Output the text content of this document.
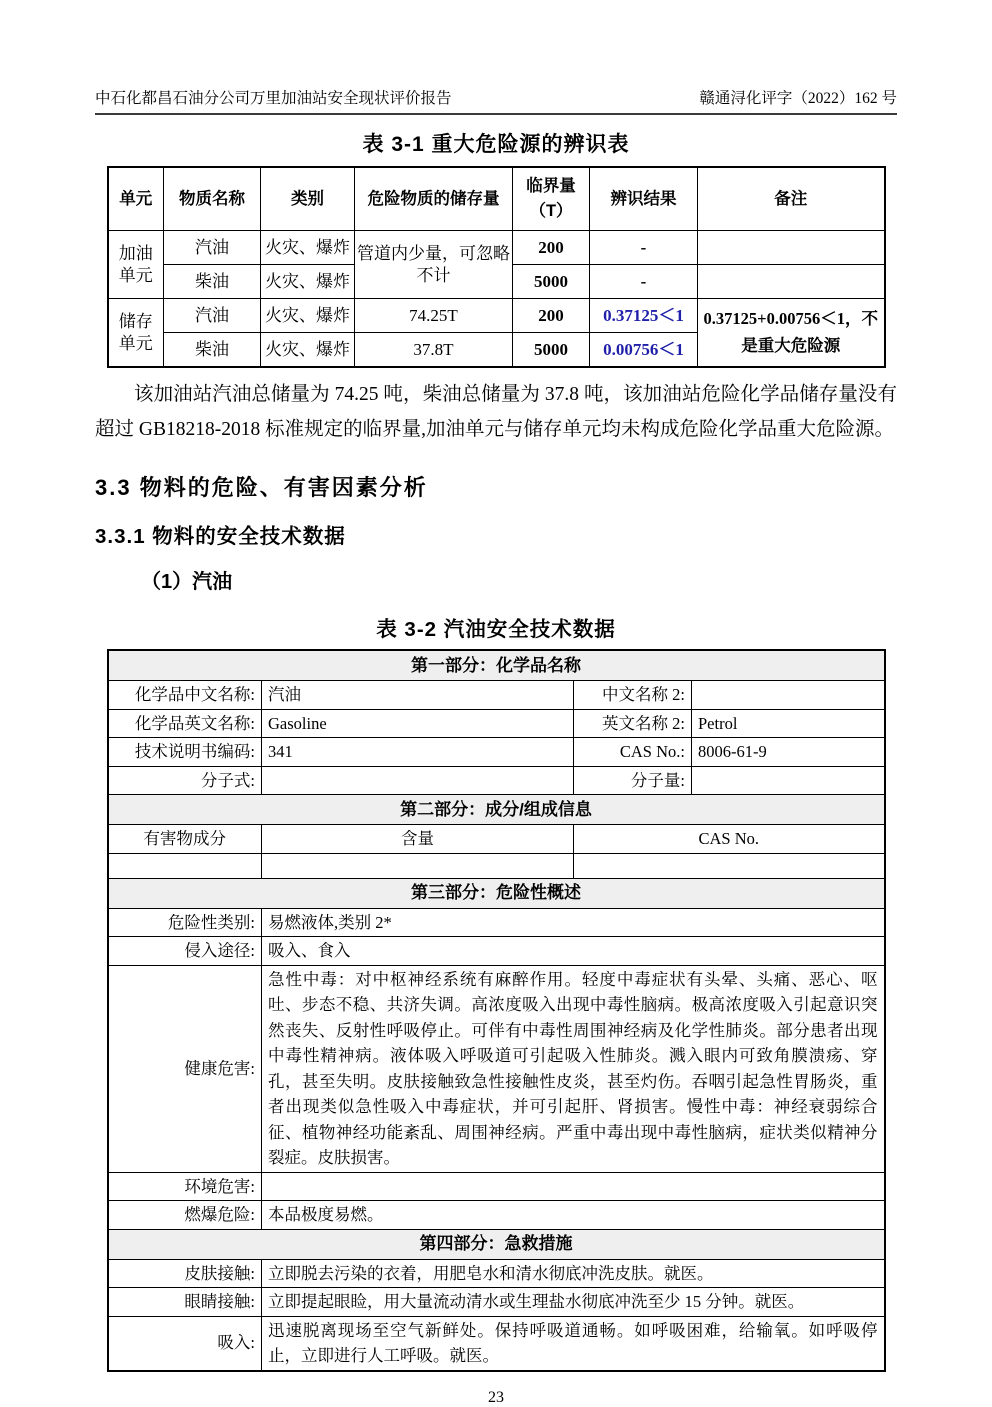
中石化都昌石油分公司万里加油站安全现状评价报告	赣通浔化评字（2022）162 号
表 3-1 重大危险源的辨识表
单元	物质名称	类别	危险物质的储存量	临界量（T）	辨识结果	备注
加油单元	汽油	火灾、爆炸	管道内少量，可忽略不计	200	-	
	柴油	火灾、爆炸		5000	-	
储存单元	汽油	火灾、爆炸	74.25T	200	0.37125＜1	0.37125+0.00756＜1，不是重大危险源
	柴油	火灾、爆炸	37.8T	5000	0.00756＜1	

该加油站汽油总储量为 74.25 吨，柴油总储量为 37.8 吨，该加油站危险化学品储存量没有超过 GB18218-2018 标准规定的临界量,加油单元与储存单元均未构成危险化学品重大危险源。

3.3 物料的危险、有害因素分析
3.3.1 物料的安全技术数据
（1）汽油
表 3-2 汽油安全技术数据
第一部分：化学品名称			
化学品中文名称:	汽油	中文名称 2:	
化学品英文名称:	Gasoline	英文名称 2:	Petrol
技术说明书编码:	341	CAS No.:	8006-61-9
分子式:		分子量:	
第二部分：成分/组成信息			
有害物成分	含量	CAS No.	

第三部分：危险性概述			
危险性类别:	易燃液体,类别 2*		
侵入途径:	吸入、食入		
健康危害:	急性中毒：对中枢神经系统有麻醉作用。轻度中毒症状有头晕、头痛、恶心、呕吐、步态不稳、共济失调。高浓度吸入出现中毒性脑病。极高浓度吸入引起意识突然丧失、反射性呼吸停止。可伴有中毒性周围神经病及化学性肺炎。部分患者出现中毒性精神病。液体吸入呼吸道可引起吸入性肺炎。溅入眼内可致角膜溃疡、穿孔，甚至失明。皮肤接触致急性接触性皮炎，甚至灼伤。吞咽引起急性胃肠炎，重者出现类似急性吸入中毒症状，并可引起肝、肾损害。慢性中毒：神经衰弱综合征、植物神经功能紊乱、周围神经病。严重中毒出现中毒性脑病，症状类似精神分裂症。皮肤损害。		
环境危害:			
燃爆危险:	本品极度易燃。		
第四部分：急救措施			
皮肤接触:	立即脱去污染的衣着，用肥皂水和清水彻底冲洗皮肤。就医。		
眼睛接触:	立即提起眼睑，用大量流动清水或生理盐水彻底冲洗至少 15 分钟。就医。		
吸入:	迅速脱离现场至空气新鲜处。保持呼吸道通畅。如呼吸困难，给输氧。如呼吸停止，立即进行人工呼吸。就医。		
23
